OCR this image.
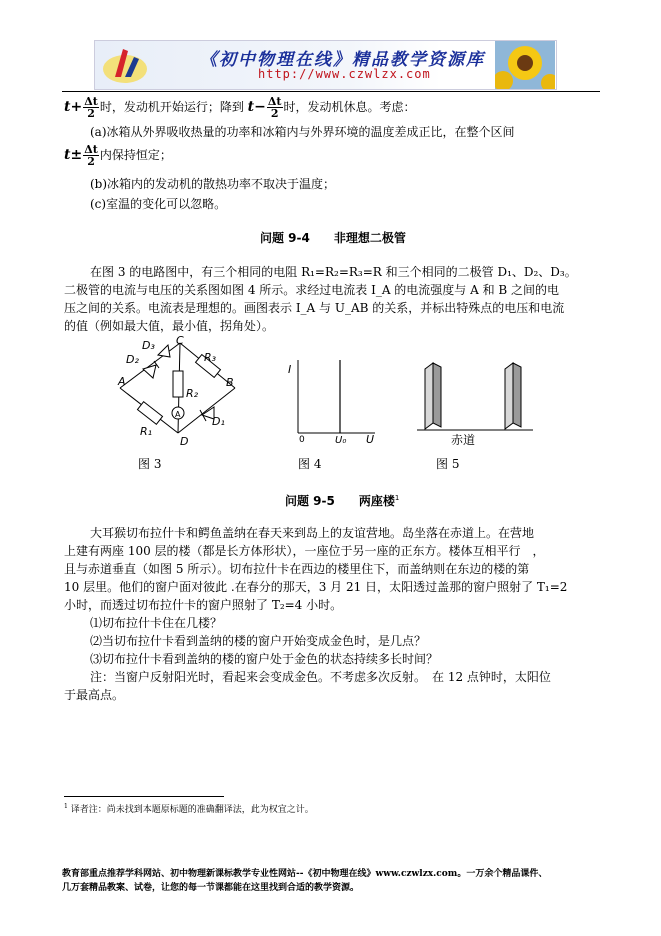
《初中物理在线》精品教学资源库
http://www.czwlzx.com
$t+ \frac{\Delta t}{2}$ 时，发动机开始运行；降到 $t- \frac{\Delta t}{2}$ 时，发动机休息。考虑：
(a)冰箱从外界吸收热量的功率和冰箱内与外界环境的温度差成正比，在整个区间
$t\pm \frac{\Delta t}{2}$ 内保持恒定；
(b)冰箱内的发动机的散热功率不取决于温度；
(c)室温的变化可以忽略。
问题 9-4　　非理想二极管
在图 3 的电路图中，有三个相同的电阻 R₁=R₂=R₃=R 和三个相同的二极管 D₁、D₂、D₃。
二极管的电流与电压的关系图如图 4 所示。求经过电流表 I_A 的电流强度与 A 和 B 之间的电
压之间的关系。电流表是理想的。画图表示 I_A 与 U_AB 的关系，并标出特殊点的电压和电流
的值（例如最大值，最小值，拐角处）。
A	B
C
D
R₁
R₂
R₃
D₁
D₂
D₃
A
图 3
I
0	U₀ U
图 4
赤道
图 5
问题 9-5　　两座楼$^1$
大耳猴切布拉什卡和鳄鱼盖纳在春天来到岛上的友谊营地。岛坐落在赤道上。在营地
上建有两座 100 层的楼（都是长方体形状），一座位于另一座的正东方。楼体互相平行　，
且与赤道垂直（如图 5 所示）。切布拉什卡在西边的楼里住下，而盖纳则在东边的楼的第
10 层里。他们的窗户面对彼此 .在春分的那天，3 月 21 日，太阳透过盖那的窗户照射了 T₁=2
小时，而透过切布拉什卡的窗户照射了 T₂=4 小时。
⑴切布拉什卡住在几楼？
⑵当切布拉什卡看到盖纳的楼的窗户开始变成金色时，是几点？
⑶切布拉什卡看到盖纳的楼的窗户处于金色的状态持续多长时间？
注：当窗户反射阳光时，看起来会变成金色。不考虑多次反射。　在 12 点钟时，太阳位
于最高点。
$^1$ 译者注：尚未找到本题原标题的准确翻译法，此为权宜之计。
教育部重点推荐学科网站、初中物理新课标教学专业性网站--《初中物理在线》www.czwlzx.com。一万余个精品课件、
几万套精品教案、试卷，让您的每一节课都能在这里找到合适的教学资源。
